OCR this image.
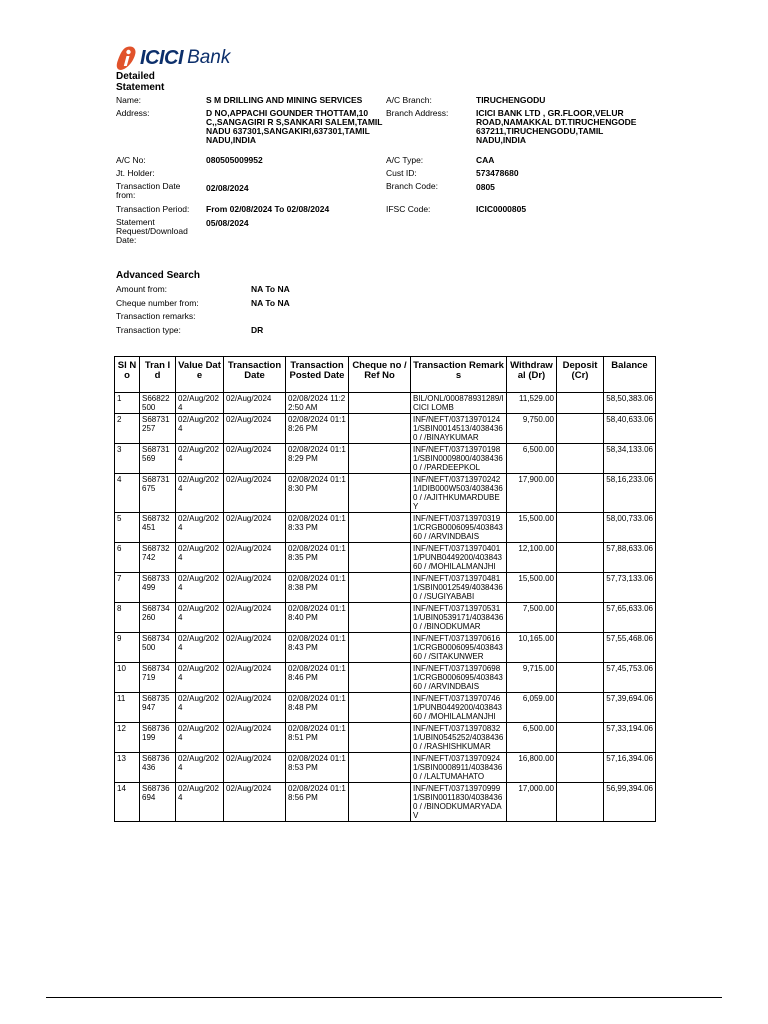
ICICI Bank
Detailed Statement
Name:	S M DRILLING AND MINING SERVICES
Address:	D NO,APPACHI GOUNDER THOTTAM,10 C,,SANGAGIRI R S,SANKARI SALEM,TAMIL NADU 637301,SANGAKIRI,637301,TAMIL NADU,INDIA
A/C No:	080505009952
Jt. Holder:
Transaction Date from:
02/08/2024
Transaction Period: From 02/08/2024 To 02/08/2024
Statement Request/Download Date:
05/08/2024
A/C Branch:	TIRUCHENGODU
Branch Address:	ICICI BANK LTD , GR.FLOOR,VELUR ROAD,NAMAKKAL DT.TIRUCHENGODE 637211,TIRUCHENGODU,TAMIL NADU,INDIA
A/C Type:	CAA
Cust ID:	573478680
Branch Code:	0805
IFSC Code:	ICIC0000805
Advanced Search
Amount from:	NA To NA
Cheque number from:	NA To NA
Transaction remarks:
Transaction type:	DR
Sl No	Tran Id	Value Date	Transaction Date	Transaction Posted Date	Cheque no / Ref No	Transaction Remarks	Withdrawal (Dr)	Deposit (Cr)	Balance
1	S66822500	02/Aug/2024	02/Aug/2024	02/08/2024 11:22:50 AM		BIL/ONL/000878931289/ICICI LOMB	11,529.00		58,50,383.06
2	S68731257	02/Aug/2024	02/Aug/2024	02/08/2024 01:18:26 PM		INF/NEFT/037139701241/SBIN0014513/40384360 / /BINAYKUMAR	9,750.00		58,40,633.06
3	S68731569	02/Aug/2024	02/Aug/2024	02/08/2024 01:18:29 PM		INF/NEFT/037139701981/SBIN0009800/40384360 / /PARDEEPKOL	6,500.00		58,34,133.06
4	S68731675	02/Aug/2024	02/Aug/2024	02/08/2024 01:18:30 PM		INF/NEFT/037139702421/IDIB000W503/40384360 / /AJITHKUMARDUBEY	17,900.00		58,16,233.06
5	S68732451	02/Aug/2024	02/Aug/2024	02/08/2024 01:18:33 PM		INF/NEFT/037139703191/CRGB0006095/40384360 / /ARVINDBAIS	15,500.00		58,00,733.06
6	S68732742	02/Aug/2024	02/Aug/2024	02/08/2024 01:18:35 PM		INF/NEFT/037139704011/PUNB0449200/40384360 / /MOHILALMANJHI	12,100.00		57,88,633.06
7	S68733499	02/Aug/2024	02/Aug/2024	02/08/2024 01:18:38 PM		INF/NEFT/037139704811/SBIN0012549/40384360 / /SUGIYABABI	15,500.00		57,73,133.06
8	S68734260	02/Aug/2024	02/Aug/2024	02/08/2024 01:18:40 PM		INF/NEFT/037139705311/UBIN0539171/40384360 / /BINODKUMAR	7,500.00		57,65,633.06
9	S68734500	02/Aug/2024	02/Aug/2024	02/08/2024 01:18:43 PM		INF/NEFT/037139706161/CRGB0006095/40384360 / /SITAKUNWER	10,165.00		57,55,468.06
10	S68734719	02/Aug/2024	02/Aug/2024	02/08/2024 01:18:46 PM		INF/NEFT/037139706981/CRGB0006095/40384360 / /ARVINDBAIS	9,715.00		57,45,753.06
11	S68735947	02/Aug/2024	02/Aug/2024	02/08/2024 01:18:48 PM		INF/NEFT/037139707461/PUNB0449200/40384360 / /MOHILALMANJHI	6,059.00		57,39,694.06
12	S68736199	02/Aug/2024	02/Aug/2024	02/08/2024 01:18:51 PM		INF/NEFT/037139708321/UBIN0545252/40384360 / /RASHISHKUMAR	6,500.00		57,33,194.06
13	S68736436	02/Aug/2024	02/Aug/2024	02/08/2024 01:18:53 PM		INF/NEFT/037139709241/SBIN0008911/40384360 / /LALTUMAHATO	16,800.00		57,16,394.06
14	S68736694	02/Aug/2024	02/Aug/2024	02/08/2024 01:18:56 PM		INF/NEFT/037139709991/SBIN0011830/40384360 / /BINODKUMARYADAV	17,000.00		56,99,394.06
